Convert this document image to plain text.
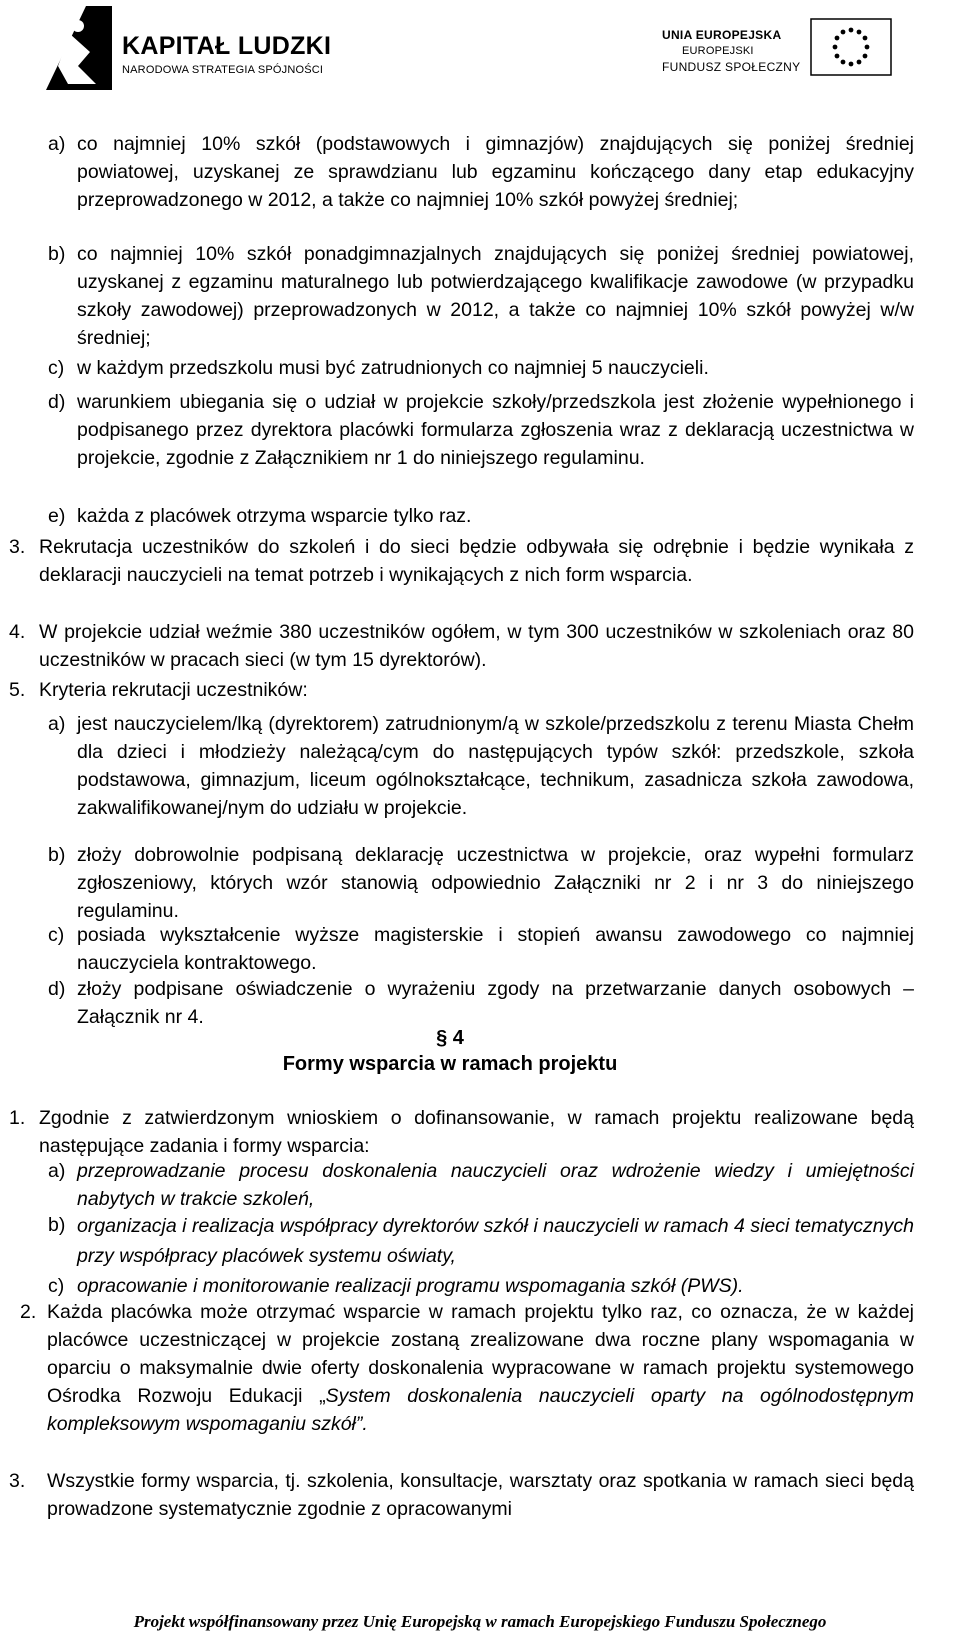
KAPITAŁ LUDZKI
NARODOWA STRATEGIA SPÓJNOŚCI
UNIA EUROPEJSKA
EUROPEJSKI
FUNDUSZ SPOŁECZNY
a) co najmniej 10% szkół (podstawowych i gimnazjów) znajdujących się poniżej średniej powiatowej, uzyskanej ze sprawdzianu lub egzaminu kończącego dany etap edukacyjny przeprowadzonego w 2012, a także co najmniej 10% szkół powyżej średniej;
b) co najmniej 10% szkół ponadgimnazjalnych znajdujących się poniżej średniej powiatowej, uzyskanej z egzaminu maturalnego lub potwierdzającego kwalifikacje zawodowe (w przypadku szkoły zawodowej) przeprowadzonych w 2012, a także co najmniej 10% szkół powyżej w/w średniej;
c) w każdym przedszkolu musi być zatrudnionych co najmniej 5 nauczycieli.
d) warunkiem ubiegania się o udział w projekcie szkoły/przedszkola jest złożenie wypełnionego i podpisanego przez dyrektora placówki formularza zgłoszenia wraz z deklaracją uczestnictwa w projekcie, zgodnie z Załącznikiem nr 1 do niniejszego regulaminu.
e) każda z placówek otrzyma wsparcie tylko raz.
3. Rekrutacja uczestników do szkoleń i do sieci będzie odbywała się odrębnie i będzie wynikała z deklaracji nauczycieli na temat potrzeb i wynikających z nich form wsparcia.
4. W projekcie udział weźmie 380 uczestników ogółem, w tym 300 uczestników w szkoleniach oraz 80 uczestników w pracach sieci (w tym 15 dyrektorów).
5. Kryteria rekrutacji uczestników:
a) jest nauczycielem/lką (dyrektorem) zatrudnionym/ą w szkole/przedszkolu z terenu Miasta Chełm dla dzieci i młodzieży należącą/cym do następujących typów szkół: przedszkole, szkoła podstawowa, gimnazjum, liceum ogólnokształcące, technikum, zasadnicza szkoła zawodowa, zakwalifikowanej/nym do udziału w projekcie.
b) złoży dobrowolnie podpisaną deklarację uczestnictwa w projekcie, oraz wypełni formularz zgłoszeniowy, których wzór stanowią odpowiednio Załączniki nr 2 i nr 3 do niniejszego regulaminu.
c) posiada wykształcenie wyższe magisterskie i stopień awansu zawodowego co najmniej nauczyciela kontraktowego.
d) złoży podpisane oświadczenie o wyrażeniu zgody na przetwarzanie danych osobowych – Załącznik nr 4.
§ 4
Formy wsparcia w ramach projektu
1. Zgodnie z zatwierdzonym wnioskiem o dofinansowanie, w ramach projektu realizowane będą następujące zadania i formy wsparcia:
a) przeprowadzanie procesu doskonalenia nauczycieli oraz wdrożenie wiedzy i umiejętności nabytych w trakcie szkoleń,
b) organizacja i realizacja współpracy dyrektorów szkół i nauczycieli w ramach 4 sieci tematycznych przy współpracy placówek systemu oświaty,
c) opracowanie i monitorowanie realizacji programu wspomagania szkół (PWS).
2. Każda placówka może otrzymać wsparcie w ramach projektu tylko raz, co oznacza, że w każdej placówce uczestniczącej w projekcie zostaną zrealizowane dwa roczne plany wspomagania w oparciu o maksymalnie dwie oferty doskonalenia wypracowane w ramach projektu systemowego Ośrodka Rozwoju Edukacji „System doskonalenia nauczycieli oparty na ogólnodostępnym kompleksowym wspomaganiu szkół”.
3. Wszystkie formy wsparcia, tj. szkolenia, konsultacje, warsztaty oraz spotkania w ramach sieci będą prowadzone systematycznie zgodnie z opracowanymi
Projekt współfinansowany przez Unię Europejską w ramach Europejskiego Funduszu Społecznego
